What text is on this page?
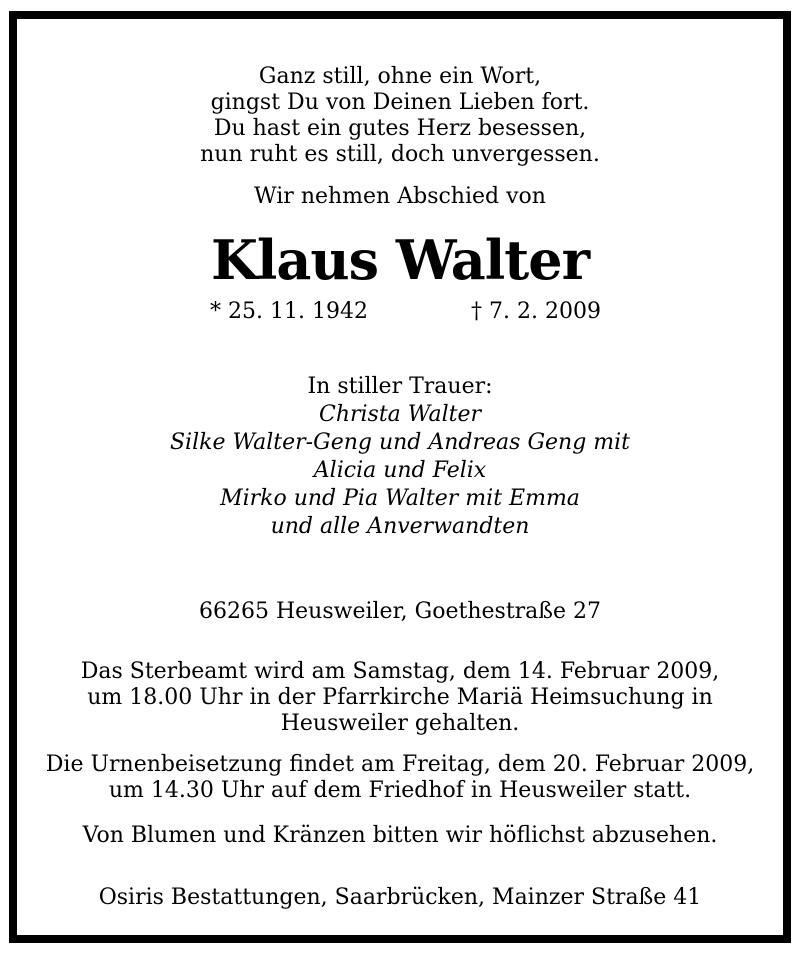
Ganz still, ohne ein Wort,
gingst Du von Deinen Lieben fort.
Du hast ein gutes Herz besessen,
nun ruht es still, doch unvergessen.
Wir nehmen Abschied von
Klaus Walter
* 25. 11. 1942	† 7. 2. 2009
In stiller Trauer:
Christa Walter
Silke Walter-Geng und Andreas Geng mit
Alicia und Felix
Mirko und Pia Walter mit Emma
und alle Anverwandten
66265 Heusweiler, Goethestraße 27
Das Sterbeamt wird am Samstag, dem 14. Februar 2009,
um 18.00 Uhr in der Pfarrkirche Mariä Heimsuchung in
Heusweiler gehalten.
Die Urnenbeisetzung findet am Freitag, dem 20. Februar 2009,
um 14.30 Uhr auf dem Friedhof in Heusweiler statt.
Von Blumen und Kränzen bitten wir höflichst abzusehen.
Osiris Bestattungen, Saarbrücken, Mainzer Straße 41
